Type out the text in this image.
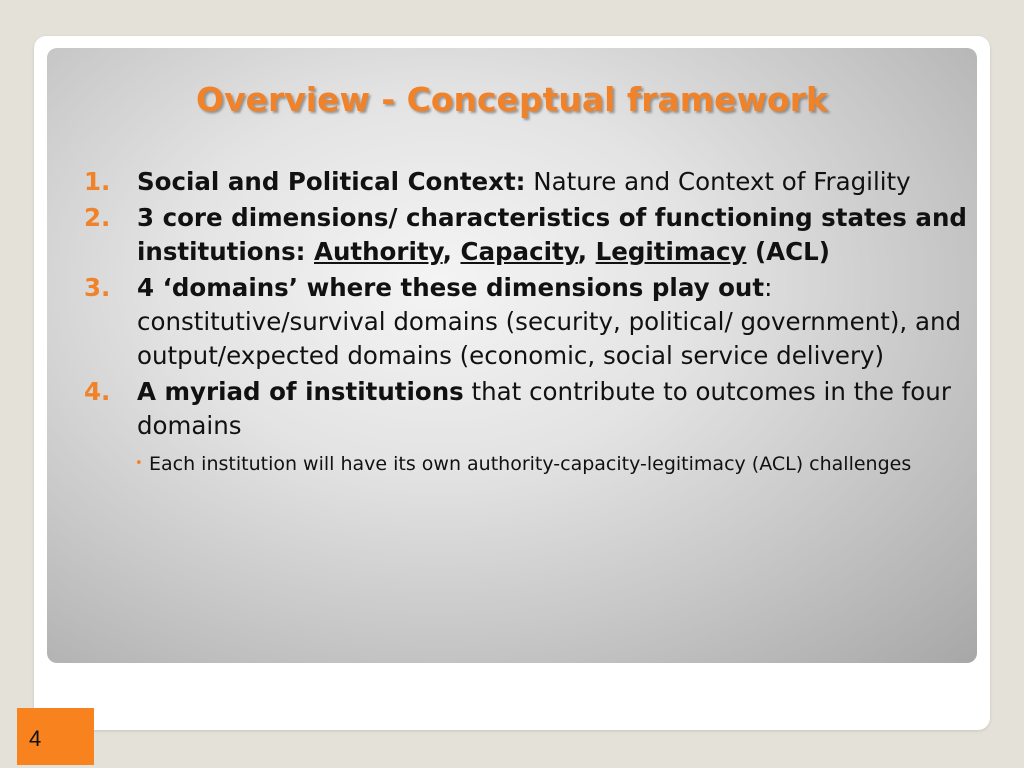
Overview - Conceptual framework
1. Social and Political Context: Nature and Context of Fragility
2. 3 core dimensions/ characteristics of functioning states and institutions: Authority, Capacity, Legitimacy (ACL)
3. 4 ‘domains’ where these dimensions play out: constitutive/survival domains (security, political/ government), and output/expected domains (economic, social service delivery)
4. A myriad of institutions that contribute to outcomes in the four domains
• Each institution will have its own authority-capacity-legitimacy (ACL) challenges
4
